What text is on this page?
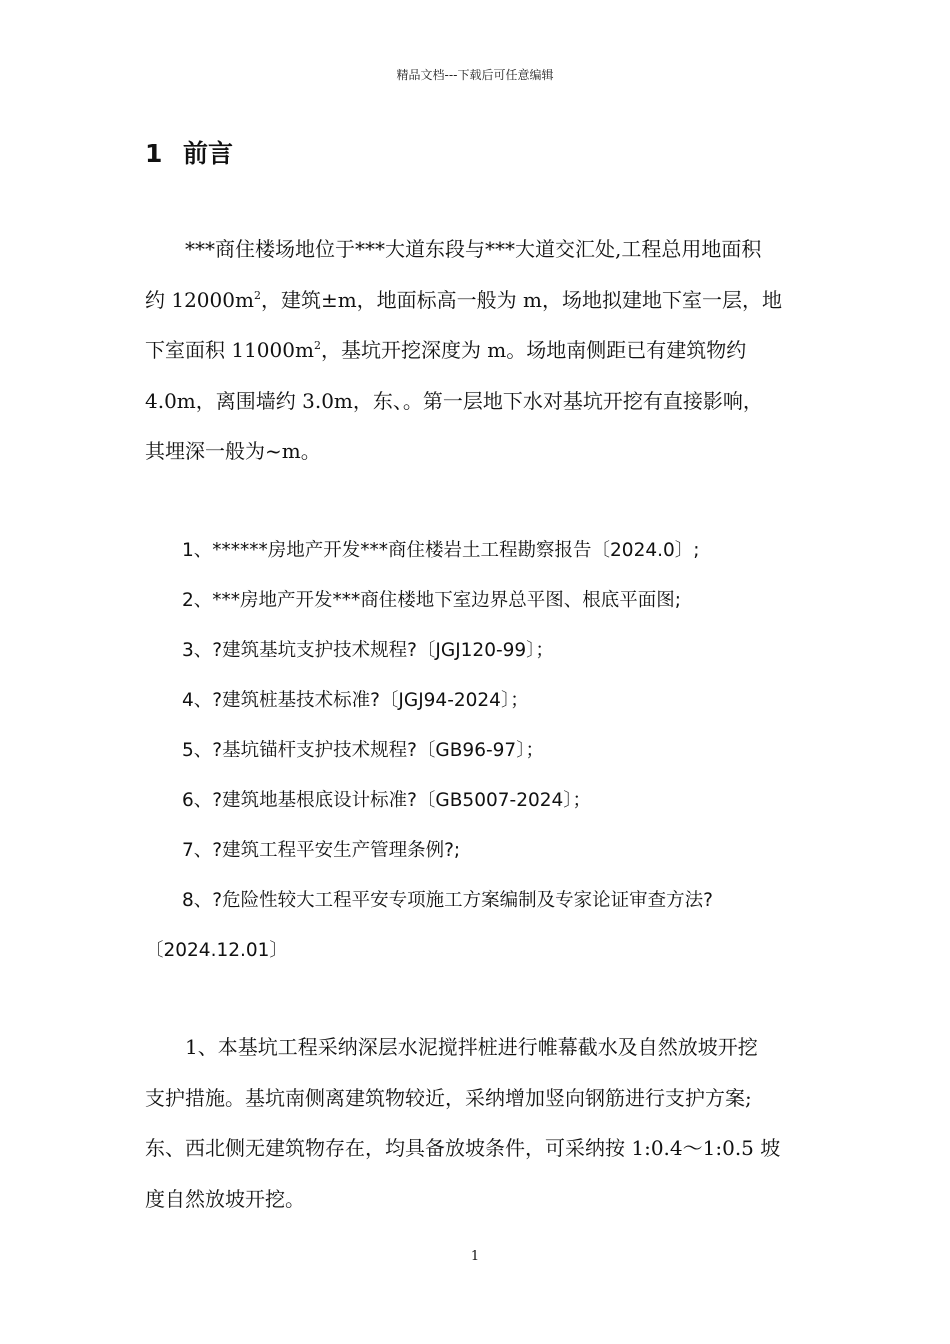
精品文档---下载后可任意编辑
1 前言
　　***商住楼场地位于***大道东段与***大道交汇处,工程总用地面积
约 $12000m^2$，建筑±m，地面标高一般为 m，场地拟建地下室一层，地
下室面积 $11000m^2$，基坑开挖深度为 m。场地南侧距已有建筑物约
4.0m，离围墙约 3.0m，东、。第一层地下水对基坑开挖有直接影响，
其埋深一般为~m。
　　1、******房地产开发***商住楼岩土工程勘察报告〔2024.0〕;
　　2、***房地产开发***商住楼地下室边界总平图、根底平面图;
　　3、?建筑基坑支护技术规程?〔JGJ120-99〕；
　　4、?建筑桩基技术标准?〔JGJ94-2024〕；
　　5、?基坑锚杆支护技术规程?〔GB96-97〕；
　　6、?建筑地基根底设计标准?〔GB5007-2024〕；
　　7、?建筑工程平安生产管理条例?;
　　8、?危险性较大工程平安专项施工方案编制及专家论证审查方法?
〔2024.12.01〕
　　1、本基坑工程采纳深层水泥搅拌桩进行帷幕截水及自然放坡开挖
支护措施。基坑南侧离建筑物较近，采纳增加竖向钢筋进行支护方案;
东、西北侧无建筑物存在，均具备放坡条件，可采纳按 1:0.4～1:0.5 坡
度自然放坡开挖。
1
